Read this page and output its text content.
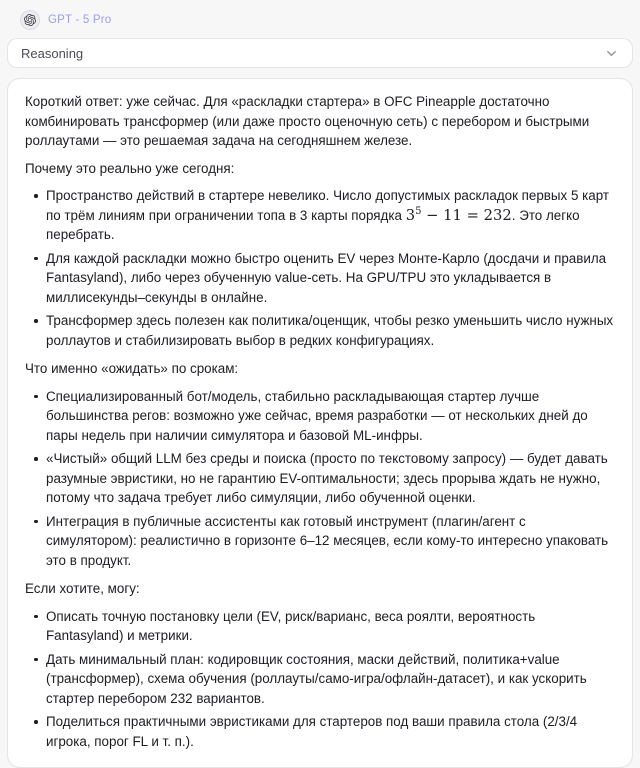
GPT - 5 Pro
Reasoning

Короткий ответ: уже сейчас. Для «раскладки стартера» в OFC Pineapple достаточно комбинировать трансформер (или даже просто оценочную сеть) с перебором и быстрыми роллаутами — это решаемая задача на сегодняшнем железе.

Почему это реально уже сегодня:

Пространство действий в стартере невелико. Число допустимых раскладок первых 5 карт по трём линиям при ограничении топа в 3 карты порядка $3^5 - 11 = 232$. Это легко перебрать.
Для каждой раскладки можно быстро оценить EV через Монте-Карло (досдачи и правила Fantasyland), либо через обученную value-сеть. На GPU/TPU это укладывается в миллисекунды–секунды в онлайне.
Трансформер здесь полезен как политика/оценщик, чтобы резко уменьшить число нужных роллаутов и стабилизировать выбор в редких конфигурациях.

Что именно «ожидать» по срокам:

Специализированный бот/модель, стабильно раскладывающая стартер лучше большинства регов: возможно уже сейчас, время разработки — от нескольких дней до пары недель при наличии симулятора и базовой ML-инфры.
«Чистый» общий LLM без среды и поиска (просто по текстовому запросу) — будет давать разумные эвристики, но не гарантию EV-оптимальности; здесь прорыва ждать не нужно, потому что задача требует либо симуляции, либо обученной оценки.
Интеграция в публичные ассистенты как готовый инструмент (плагин/агент с симулятором): реалистично в горизонте 6–12 месяцев, если кому-то интересно упаковать это в продукт.

Если хотите, могу:

Описать точную постановку цели (EV, риск/варианс, веса роялти, вероятность Fantasyland) и метрики.
Дать минимальный план: кодировщик состояния, маски действий, политика+value (трансформер), схема обучения (роллауты/само-игра/офлайн-датасет), и как ускорить стартер перебором 232 вариантов.
Поделиться практичными эвристиками для стартеров под ваши правила стола (2/3/4 игрока, порог FL и т. п.).
